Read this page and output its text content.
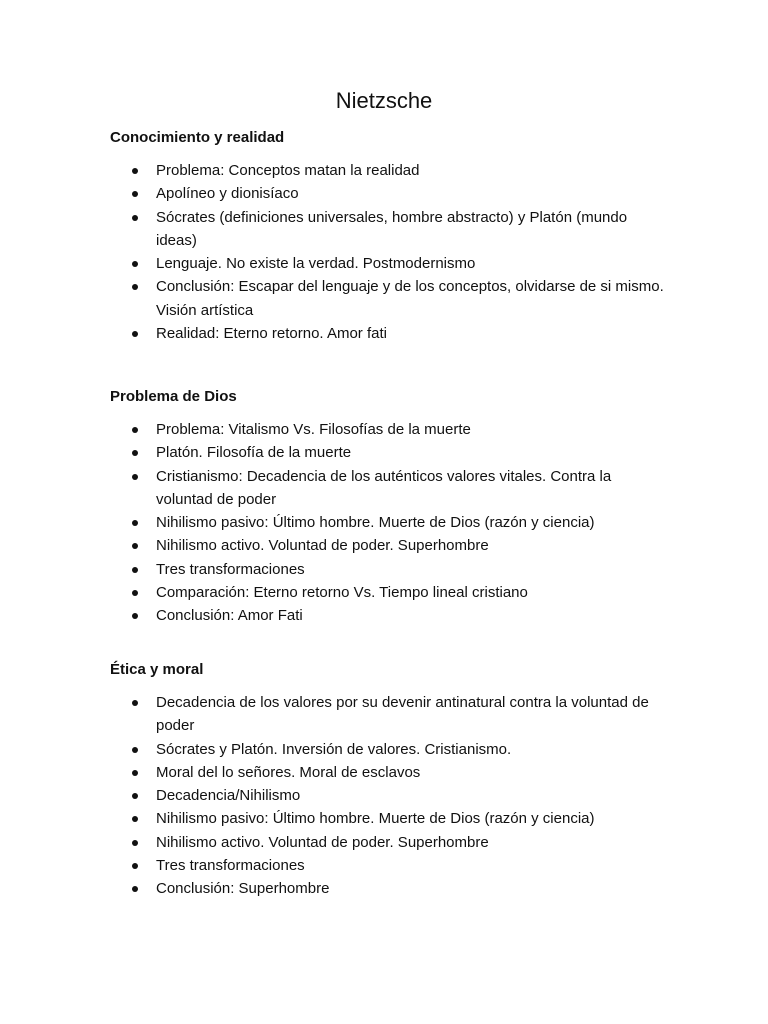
Nietzsche
Conocimiento y realidad
Problema: Conceptos matan la realidad
Apolíneo y dionisíaco
Sócrates (definiciones universales, hombre abstracto) y Platón (mundo ideas)
Lenguaje. No existe la verdad. Postmodernismo
Conclusión: Escapar del lenguaje y de los conceptos, olvidarse de si mismo. Visión artística
Realidad: Eterno retorno. Amor fati
Problema de Dios
Problema: Vitalismo Vs. Filosofías de la muerte
Platón. Filosofía de la muerte
Cristianismo: Decadencia de los auténticos valores vitales. Contra la voluntad de poder
Nihilismo pasivo: Último hombre. Muerte de Dios (razón y ciencia)
Nihilismo activo. Voluntad de poder. Superhombre
Tres transformaciones
Comparación: Eterno retorno Vs. Tiempo lineal cristiano
Conclusión: Amor Fati
Ética y moral
Decadencia de los valores por su devenir antinatural contra la voluntad de poder
Sócrates y Platón. Inversión de valores. Cristianismo.
Moral del lo señores. Moral de esclavos
Decadencia/Nihilismo
Nihilismo pasivo: Último hombre. Muerte de Dios (razón y ciencia)
Nihilismo activo. Voluntad de poder. Superhombre
Tres transformaciones
Conclusión: Superhombre
